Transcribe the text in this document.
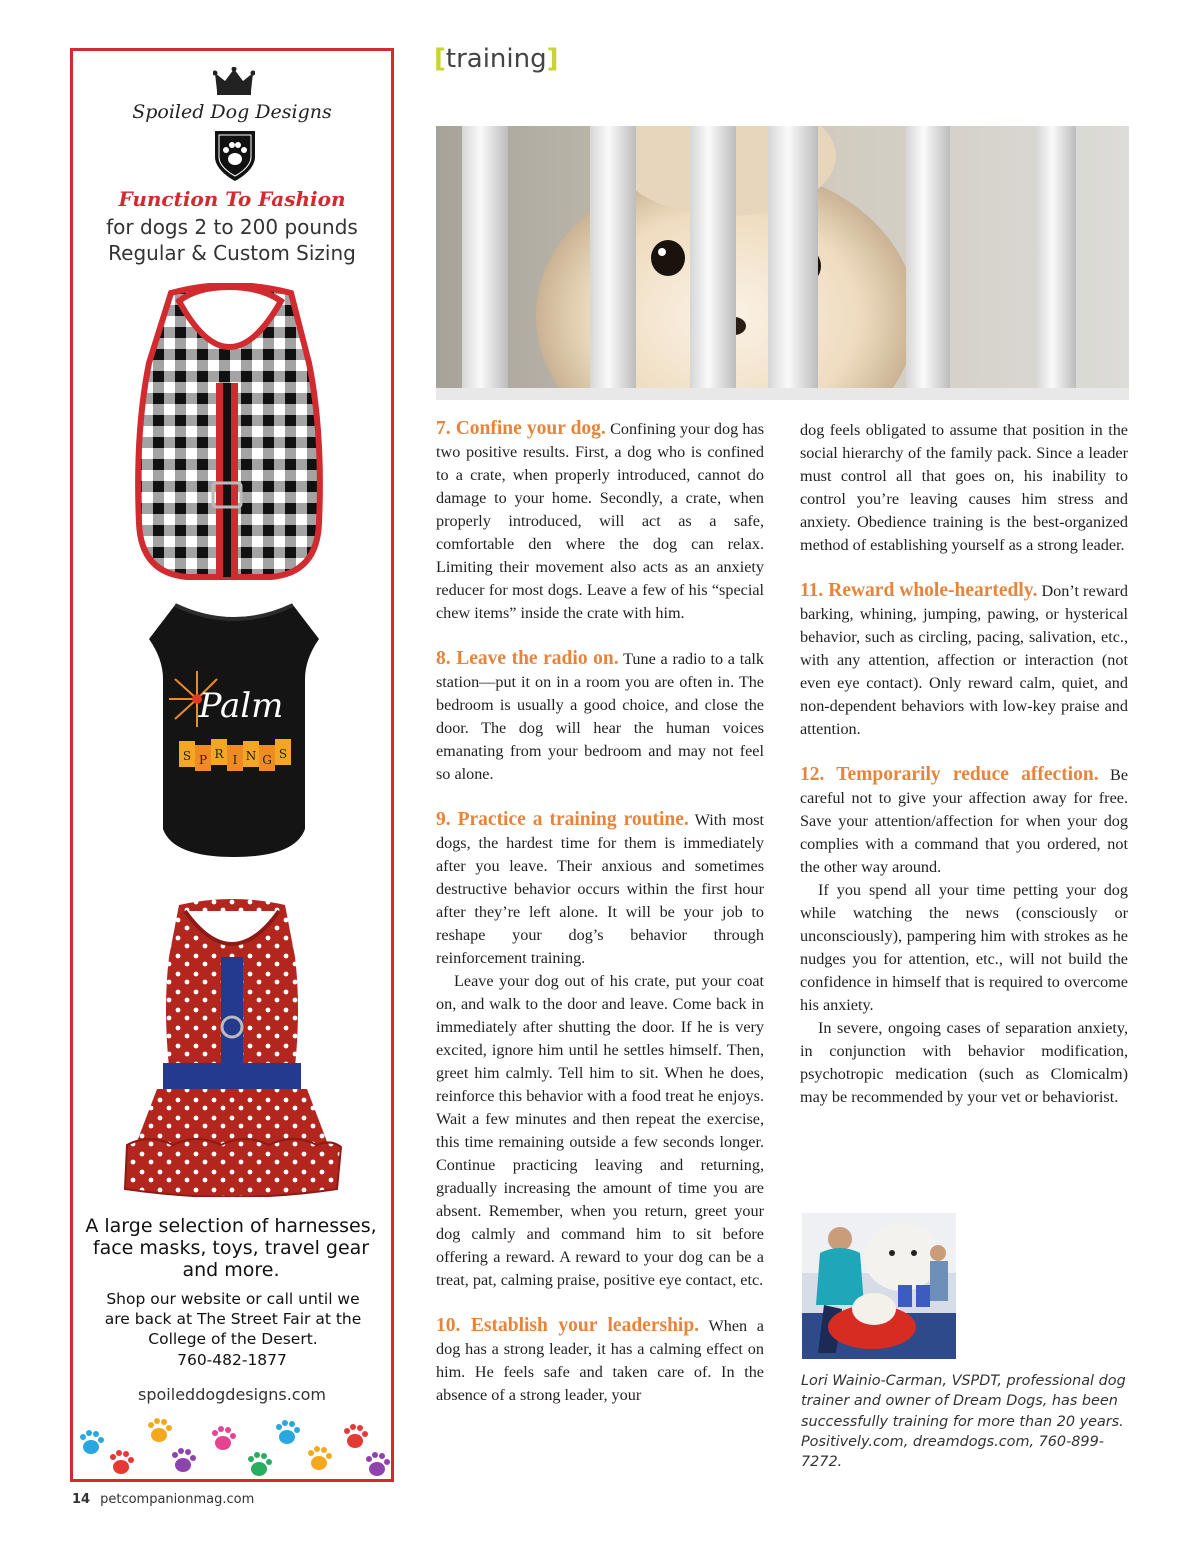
Spoiled Dog Designs
Function To Fashion
for dogs 2 to 200 pounds
Regular & Custom Sizing
Palm
S P R I N G S
A large selection of harnesses, face masks, toys, travel gear and more.
Shop our website or call until we are back at The Street Fair at the College of the Desert.
760-482-1877
spoileddogdesigns.com
[training]

7. Confine your dog. Confining your dog has two positive results. First, a dog who is confined to a crate, when properly introduced, cannot do damage to your home. Secondly, a crate, when properly introduced, will act as a safe, comfortable den where the dog can relax. Limiting their movement also acts as an anxiety reducer for most dogs. Leave a few of his “special chew items” inside the crate with him.

8. Leave the radio on. Tune a radio to a talk station—put it on in a room you are often in. The bedroom is usually a good choice, and close the door. The dog will hear the human voices emanating from your bedroom and may not feel so alone.

9. Practice a training routine. With most dogs, the hardest time for them is immediately after you leave. Their anxious and sometimes destructive behavior occurs within the first hour after they’re left alone. It will be your job to reshape your dog’s behavior through reinforcement training.

Leave your dog out of his crate, put your coat on, and walk to the door and leave. Come back in immediately after shutting the door. If he is very excited, ignore him until he settles himself. Then, greet him calmly. Tell him to sit. When he does, reinforce this behavior with a food treat he enjoys. Wait a few minutes and then repeat the exercise, this time remaining outside a few seconds longer. Continue practicing leaving and returning, gradually increasing the amount of time you are absent. Remember, when you return, greet your dog calmly and command him to sit before offering a reward. A reward to your dog can be a treat, pat, calming praise, positive eye contact, etc.

10. Establish your leadership. When a dog has a strong leader, it has a calming effect on him. He feels safe and taken care of. In the absence of a strong leader, your

dog feels obligated to assume that position in the social hierarchy of the family pack. Since a leader must control all that goes on, his inability to control you’re leaving causes him stress and anxiety. Obedience training is the best-organized method of establishing yourself as a strong leader.

11. Reward whole-heartedly. Don’t reward barking, whining, jumping, pawing, or hysterical behavior, such as circling, pacing, salivation, etc., with any attention, affection or interaction (not even eye contact). Only reward calm, quiet, and non-dependent behaviors with low-key praise and attention.

12. Temporarily reduce affection. Be careful not to give your affection away for free. Save your attention/affection for when your dog complies with a command that you ordered, not the other way around.

If you spend all your time petting your dog while watching the news (consciously or unconsciously), pampering him with strokes as he nudges you for attention, etc., will not build the confidence in himself that is required to overcome his anxiety.

In severe, ongoing cases of separation anxiety, in conjunction with behavior modification, psychotropic medication (such as Clomicalm) may be recommended by your vet or behaviorist.

Lori Wainio-Carman, VSPDT, professional dog trainer and owner of Dream Dogs, has been successfully training for more than 20 years. Positively.com, dreamdogs.com, 760-899-7272.
14 petcompanionmag.com
